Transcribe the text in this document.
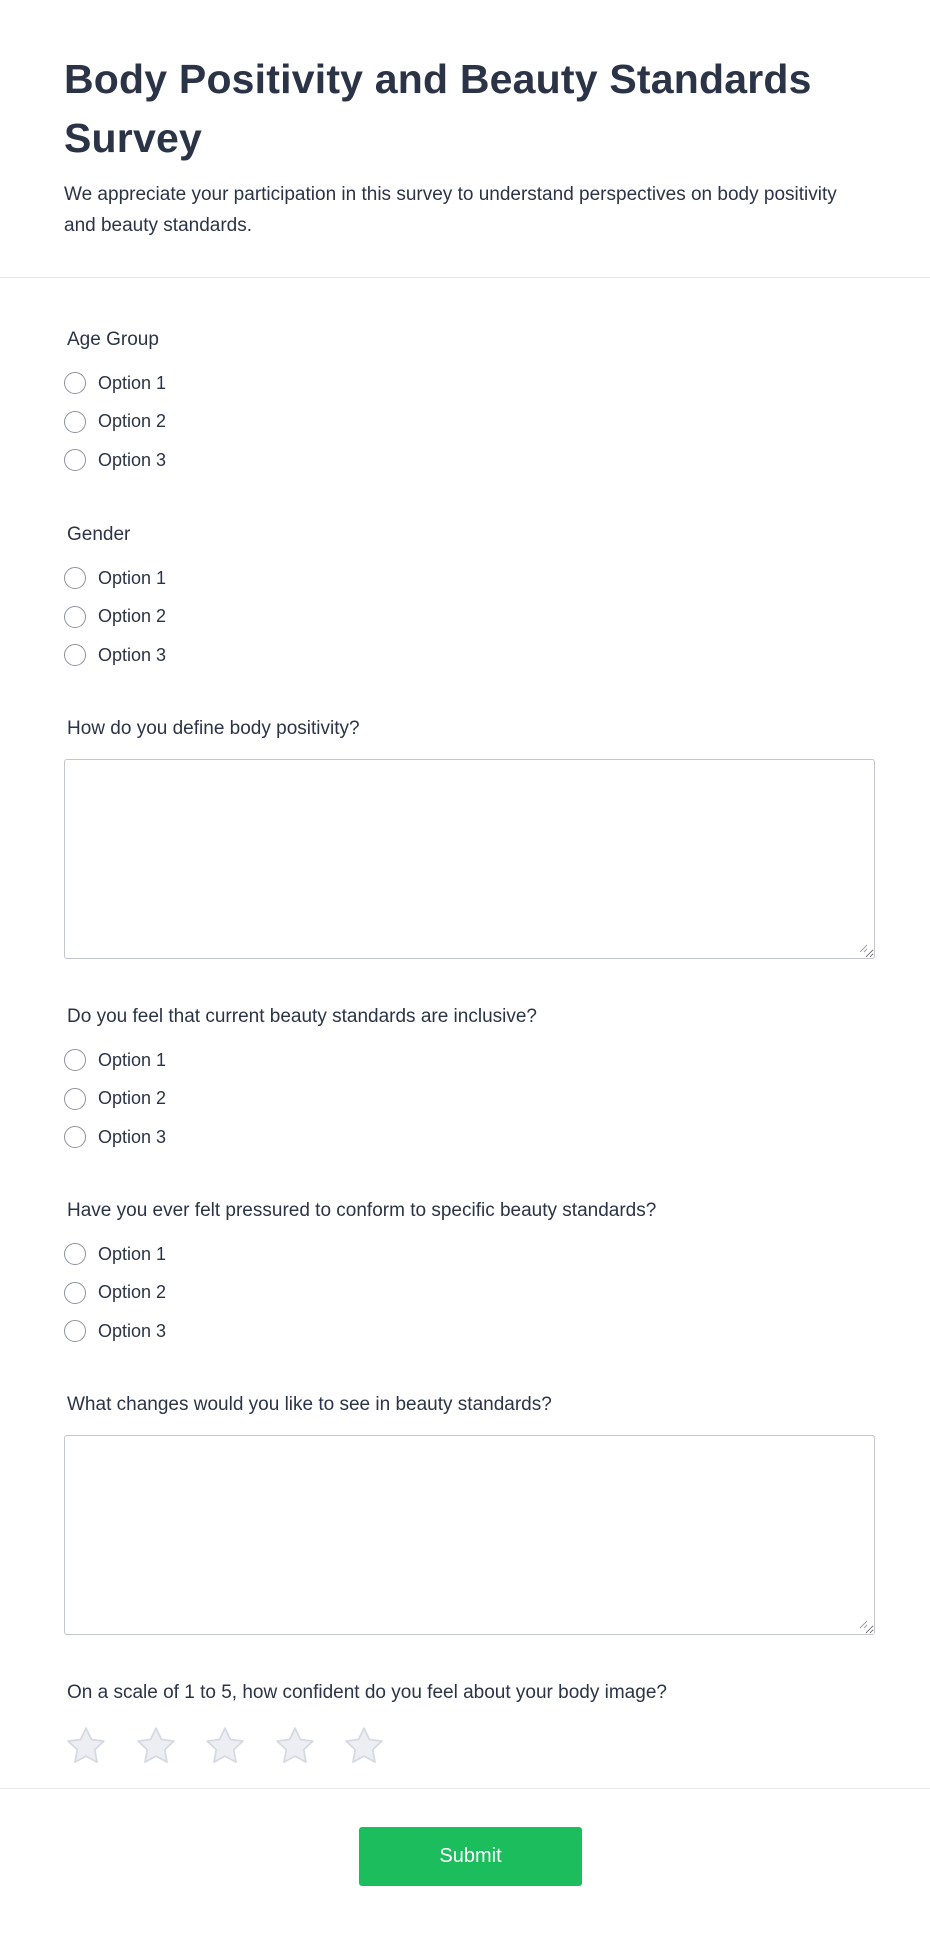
Body Positivity and Beauty Standards Survey

We appreciate your participation in this survey to understand perspectives on body positivity and beauty standards.

Age Group
Option 1
Option 2
Option 3
Gender
Option 1
Option 2
Option 3
How do you define body positivity?
Do you feel that current beauty standards are inclusive?
Option 1
Option 2
Option 3
Have you ever felt pressured to conform to specific beauty standards?
Option 1
Option 2
Option 3
What changes would you like to see in beauty standards?
On a scale of 1 to 5, how confident do you feel about your body image?
Submit
